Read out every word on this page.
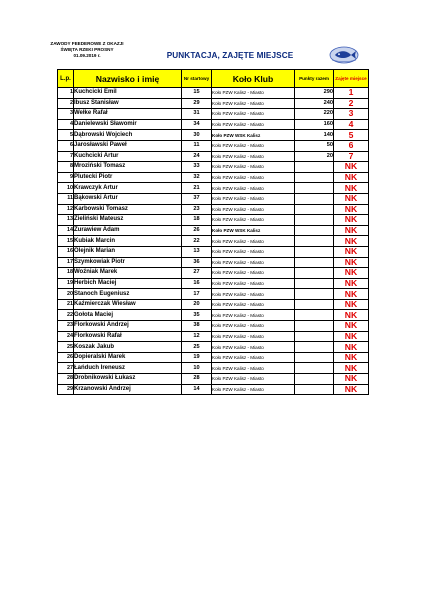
ZAWODY FEEDEROWE Z OKAZJI
ŚWIĘTA RZEKI PROSNY
01.09.2019 r.	PUNKTACJA, ZAJĘTE MIEJSCE
L.p.	Nazwisko i imię	Nr startowy	Koło Klub	Punkty razem	Zajęte miejsce
1	Kuchcicki Emil	15	Koło PZW Kalisz - Miasto	290	1
2	Ibusz Stanisław	29	Koło PZW Kalisz - Miasto	240	2
3	Wełke Rafał	31	Koło PZW Kalisz - Miasto	220	3
4	Danielewski Sławomir	34	Koło PZW Kalisz - Miasto	160	4
5	Dąbrowski Wojciech	30	Koło PZW WSK Kalisz	140	5
6	Jarosławski Paweł	11	Koło PZW Kalisz - Miasto	50	6
7	Kuchcicki Artur	24	Koło PZW Kalisz - Miasto	20	7
8	Mroziński Tomasz	33	Koło PZW Kalisz - Miasto		NK
9	Plutecki Piotr	32	Koło PZW Kalisz - Miasto		NK
10	Krawczyk Artur	21	Koło PZW Kalisz - Miasto		NK
11	Bąkowski Artur	37	Koło PZW Kalisz - Miasto		NK
12	Karbowski Tomasz	23	Koło PZW Kalisz - Miasto		NK
13	Zieliński Mateusz	18	Koło PZW Kalisz - Miasto		NK
14	Żurawiew Adam	26	Koło PZW WSK Kalisz		NK
15	Kubiak Marcin	22	Koło PZW Kalisz - Miasto		NK
16	Olejnik Marian	13	Koło PZW Kalisz - Miasto		NK
17	Szymkowiak Piotr	36	Koło PZW Kalisz - Miasto		NK
18	Woźniak Marek	27	Koło PZW Kalisz - Miasto		NK
19	Herbich Maciej	16	Koło PZW Kalisz - Miasto		NK
20	Stanoch Eugeniusz	17	Koło PZW Kalisz - Miasto		NK
21	Kaźmierczak Wiesław	20	Koło PZW Kalisz - Miasto		NK
22	Gołota Maciej	35	Koło PZW Kalisz - Miasto		NK
23	Florkowski Andrzej	38	Koło PZW Kalisz - Miasto		NK
24	Florkowski Rafał	12	Koło PZW Kalisz - Miasto		NK
25	Koszak Jakub	25	Koło PZW Kalisz - Miasto		NK
26	Dopieralski Marek	19	Koło PZW Kalisz - Miasto		NK
27	Łańduch Ireneusz	10	Koło PZW Kalisz - Miasto		NK
28	Drobnikowski Łukasz	28	Koło PZW Kalisz - Miasto		NK
29	Krzanowski Andrzej	14	Koło PZW Kalisz - Miasto		NK
